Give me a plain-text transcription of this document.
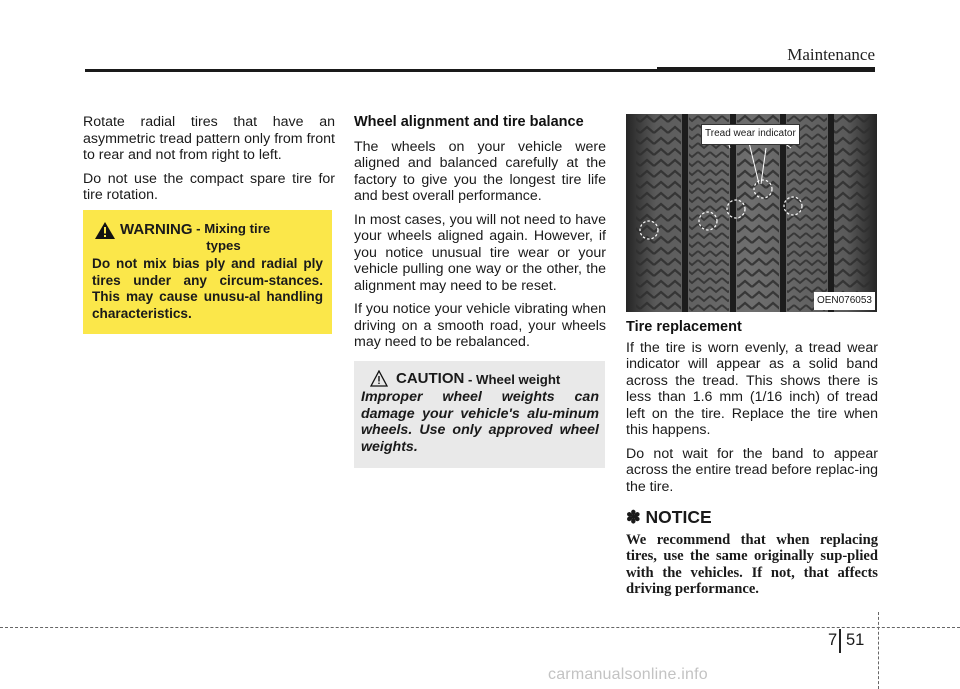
Maintenance

Rotate radial tires that have an asymmetric tread pattern only from front to rear and not from right to left.

Do not use the compact spare tire for tire rotation.

WARNING - Mixing tire
types
Do not mix bias ply and radial ply tires under any circum-stances. This may cause unusu-al handling characteristics.
Wheel alignment and tire balance

The wheels on your vehicle were aligned and balanced carefully at the factory to give you the longest tire life and best overall performance.

In most cases, you will not need to have your wheels aligned again. However, if you notice unusual tire wear or your vehicle pulling one way or the other, the alignment may need to be reset.

If you notice your vehicle vibrating when driving on a smooth road, your wheels may need to be rebalanced.

CAUTION - Wheel weight
Improper wheel weights can damage your vehicle's alu-minum wheels. Use only approved wheel weights.
Tread wear indicator
OEN076053
Tire replacement

If the tire is worn evenly, a tread wear indicator will appear as a solid band across the tread. This shows there is less than 1.6 mm (1/16 inch) of tread left on the tire. Replace the tire when this happens.

Do not wait for the band to appear across the entire tread before replac-ing the tire.

✽ NOTICE
We recommend that when replacing tires, use the same originally sup-plied with the vehicles. If not, that affects driving performance.
7 51
carmanualsonline.info
